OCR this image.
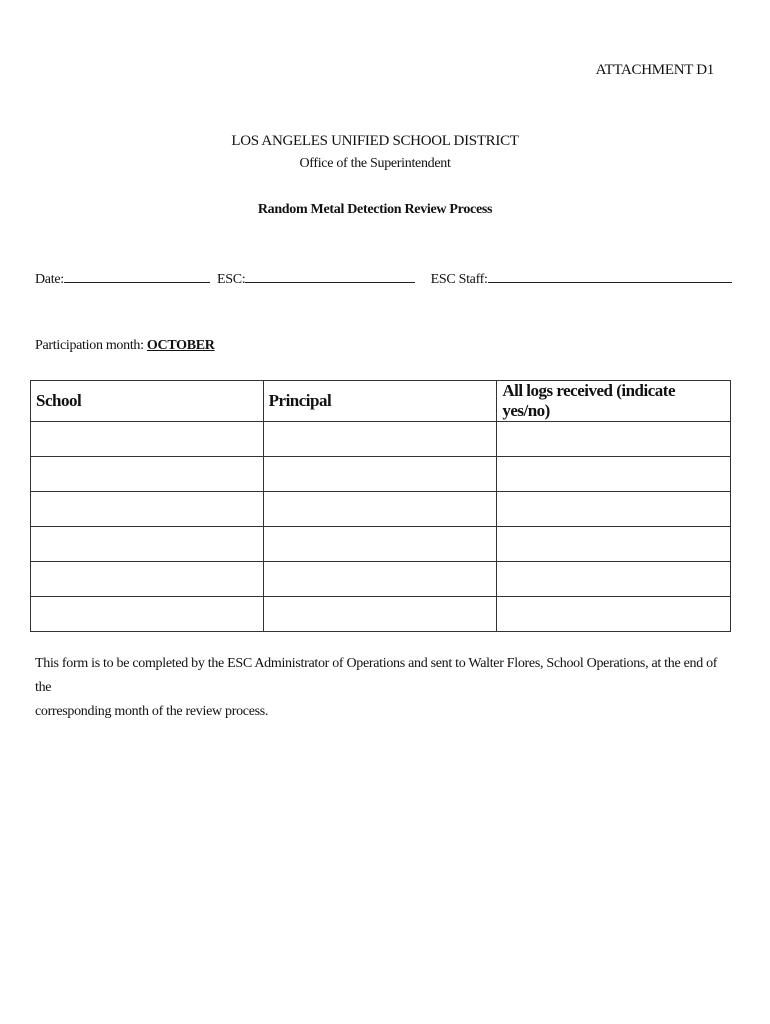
ATTACHMENT D1
LOS ANGELES UNIFIED SCHOOL DISTRICT
Office of the Superintendent
Random Metal Detection Review Process
Date:	ESC:	ESC Staff:
Participation month: OCTOBER
School	Principal	All logs received (indicate yes/no)

This form is to be completed by the ESC Administrator of Operations and sent to Walter Flores, School Operations, at the end of the
corresponding month of the review process.
